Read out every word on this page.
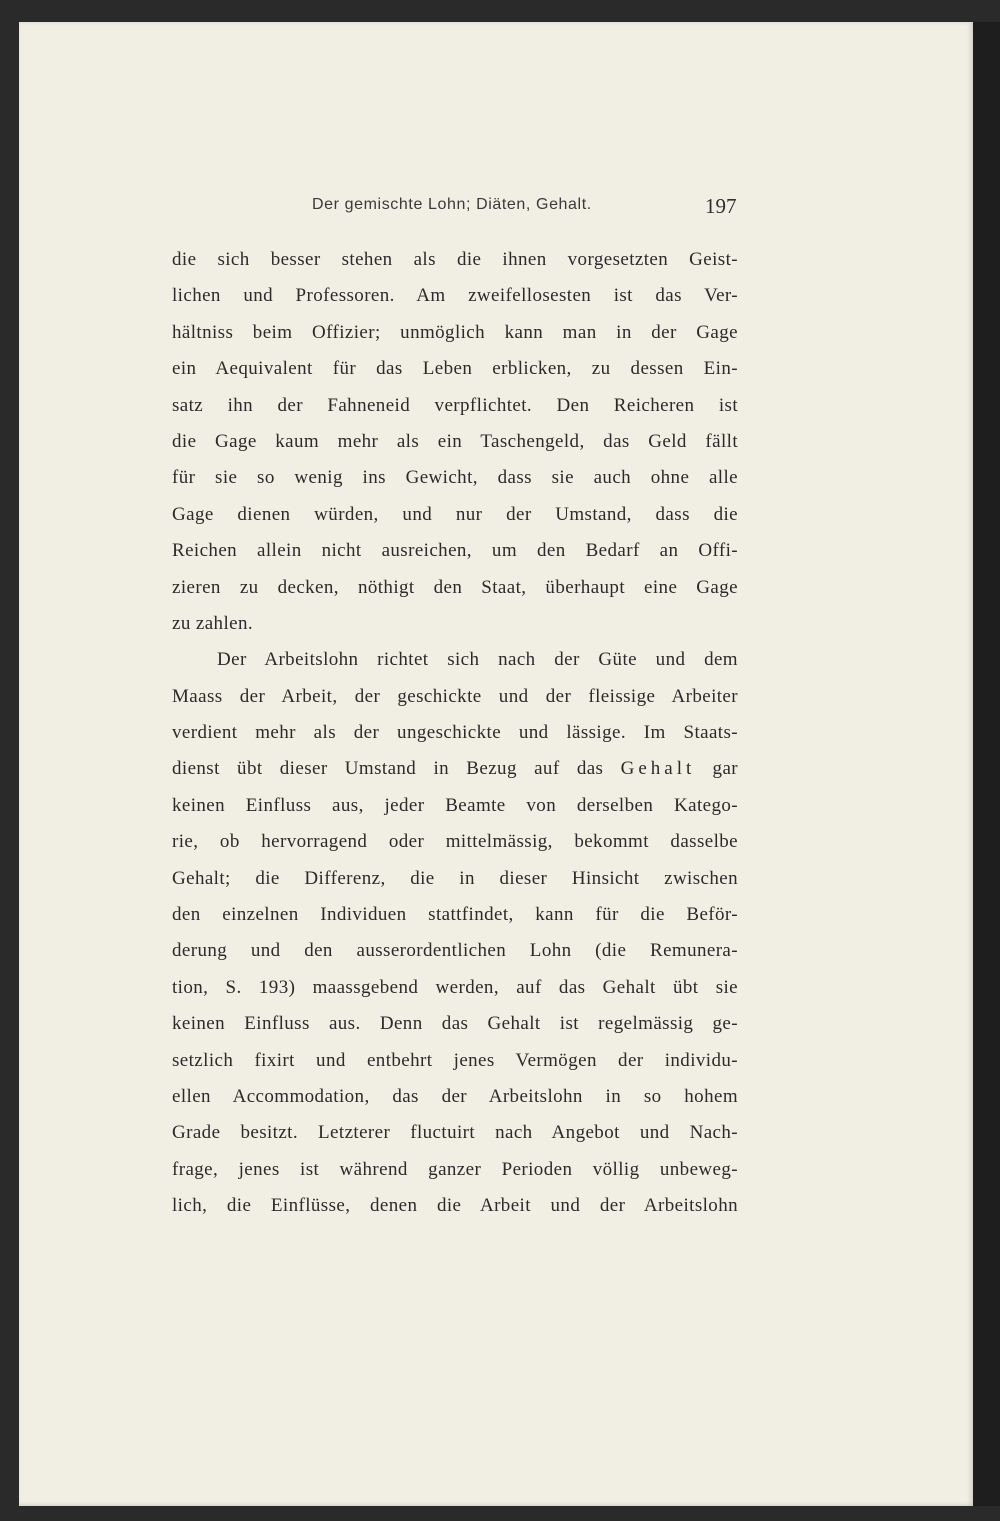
Der gemischte Lohn; Diäten, Gehalt.	197
die sich besser stehen als die ihnen vorgesetzten Geist-
lichen und Professoren. Am zweifellosesten ist das Ver-
hältniss beim Offizier; unmöglich kann man in der Gage
ein Aequivalent für das Leben erblicken, zu dessen Ein-
satz ihn der Fahneneid verpflichtet. Den Reicheren ist
die Gage kaum mehr als ein Taschengeld, das Geld fällt
für sie so wenig ins Gewicht, dass sie auch ohne alle
Gage dienen würden, und nur der Umstand, dass die
Reichen allein nicht ausreichen, um den Bedarf an Offi-
zieren zu decken, nöthigt den Staat, überhaupt eine Gage
zu zahlen.
Der Arbeitslohn richtet sich nach der Güte und dem
Maass der Arbeit, der geschickte und der fleissige Arbeiter
verdient mehr als der ungeschickte und lässige. Im Staats-
dienst übt dieser Umstand in Bezug auf das Gehalt gar
keinen Einfluss aus, jeder Beamte von derselben Katego-
rie, ob hervorragend oder mittelmässig, bekommt dasselbe
Gehalt; die Differenz, die in dieser Hinsicht zwischen
den einzelnen Individuen stattfindet, kann für die Beför-
derung und den ausserordentlichen Lohn (die Remunera-
tion, S. 193) maassgebend werden, auf das Gehalt übt sie
keinen Einfluss aus. Denn das Gehalt ist regelmässig ge-
setzlich fixirt und entbehrt jenes Vermögen der individu-
ellen Accommodation, das der Arbeitslohn in so hohem
Grade besitzt. Letzterer fluctuirt nach Angebot und Nach-
frage, jenes ist während ganzer Perioden völlig unbeweg-
lich, die Einflüsse, denen die Arbeit und der Arbeitslohn
